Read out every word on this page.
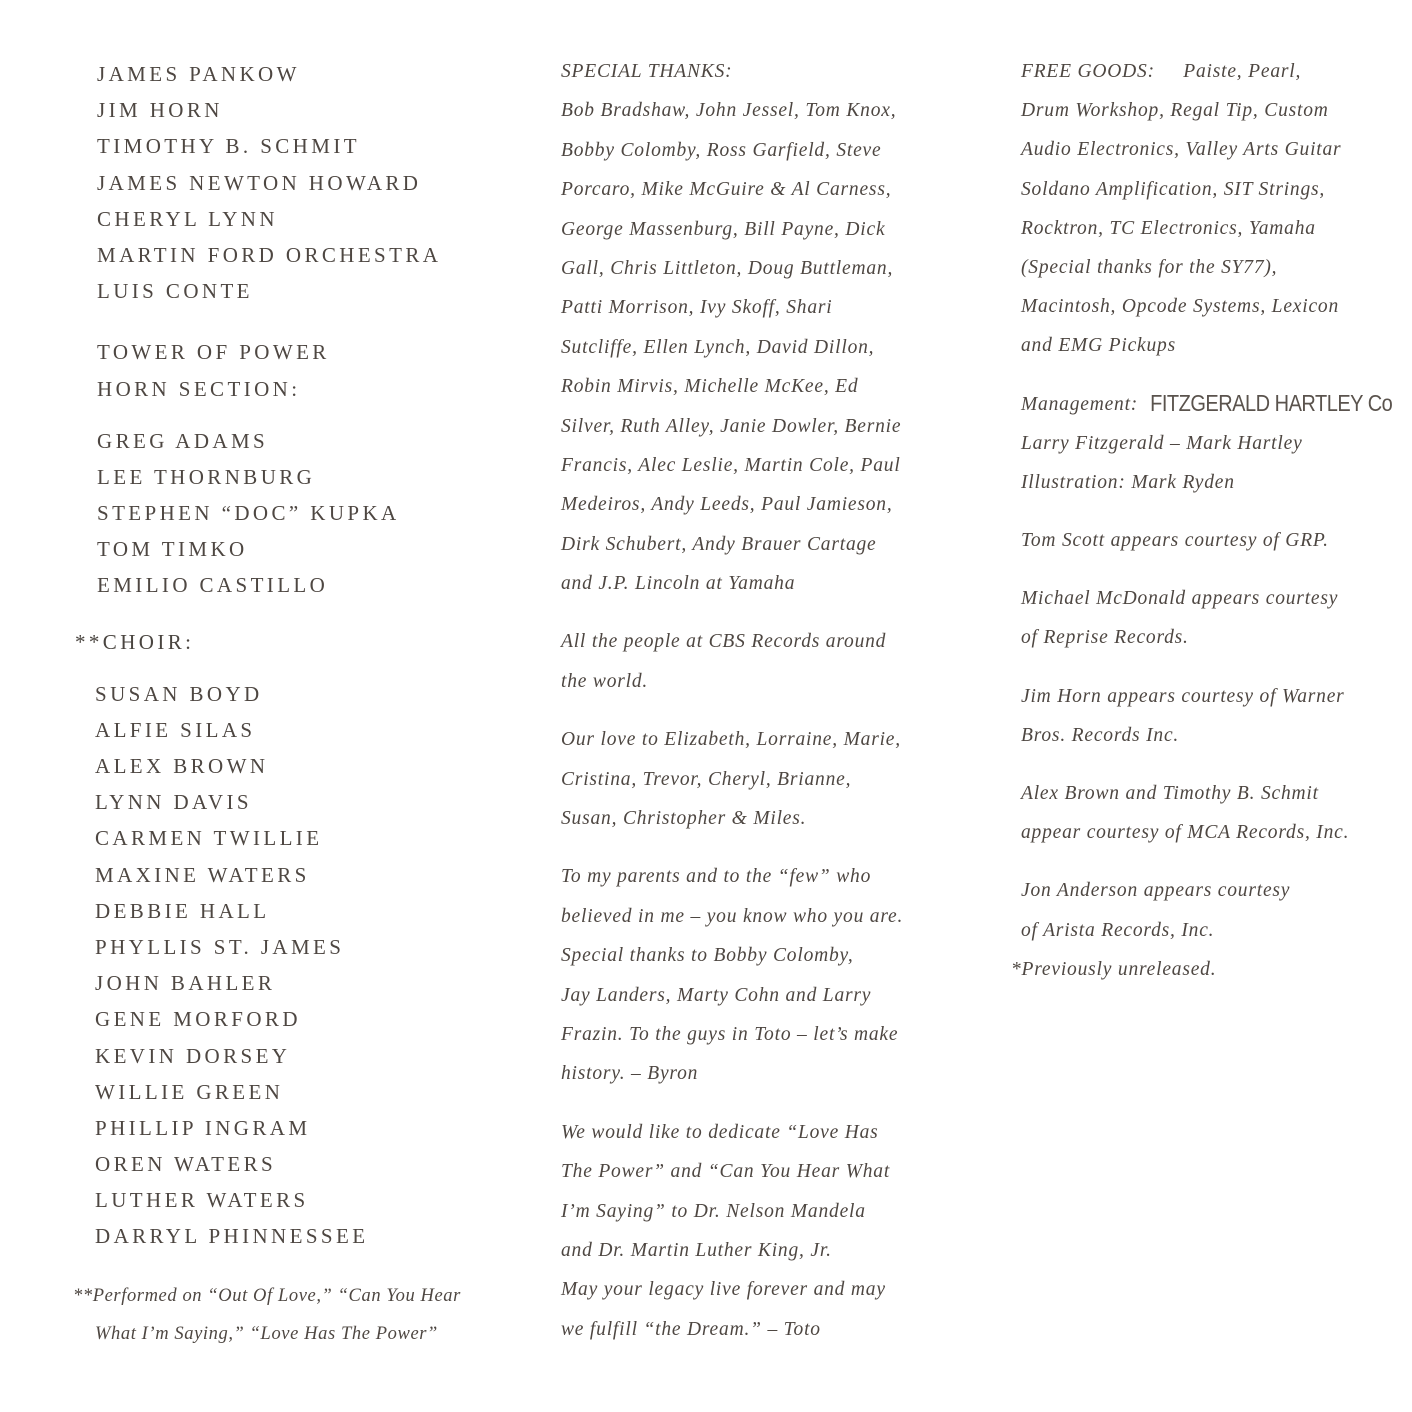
JAMES PANKOW
JIM HORN
TIMOTHY B. SCHMIT
JAMES NEWTON HOWARD
CHERYL LYNN
MARTIN FORD ORCHESTRA
LUIS CONTE
TOWER OF POWER
HORN SECTION:
GREG ADAMS
LEE THORNBURG
STEPHEN “DOC” KUPKA
TOM TIMKO
EMILIO CASTILLO
**CHOIR:
SUSAN BOYD
ALFIE SILAS
ALEX BROWN
LYNN DAVIS
CARMEN TWILLIE
MAXINE WATERS
DEBBIE HALL
PHYLLIS ST. JAMES
JOHN BAHLER
GENE MORFORD
KEVIN DORSEY
WILLIE GREEN
PHILLIP INGRAM
OREN WATERS
LUTHER WATERS
DARRYL PHINNESSEE
**Performed on “Out Of Love,” “Can You Hear
What I’m Saying,” “Love Has The Power”
SPECIAL THANKS:
Bob Bradshaw, John Jessel, Tom Knox,
Bobby Colomby, Ross Garfield, Steve
Porcaro, Mike McGuire & Al Carness,
George Massenburg, Bill Payne, Dick
Gall, Chris Littleton, Doug Buttleman,
Patti Morrison, Ivy Skoff, Shari
Sutcliffe, Ellen Lynch, David Dillon,
Robin Mirvis, Michelle McKee, Ed
Silver, Ruth Alley, Janie Dowler, Bernie
Francis, Alec Leslie, Martin Cole, Paul
Medeiros, Andy Leeds, Paul Jamieson,
Dirk Schubert, Andy Brauer Cartage
and J.P. Lincoln at Yamaha
All the people at CBS Records around
the world.
Our love to Elizabeth, Lorraine, Marie,
Cristina, Trevor, Cheryl, Brianne,
Susan, Christopher & Miles.
To my parents and to the “few” who
believed in me – you know who you are.
Special thanks to Bobby Colomby,
Jay Landers, Marty Cohn and Larry
Frazin. To the guys in Toto – let’s make
history. – Byron
We would like to dedicate “Love Has
The Power” and “Can You Hear What
I’m Saying” to Dr. Nelson Mandela
and Dr. Martin Luther King, Jr.
May your legacy live forever and may
we fulfill “the Dream.” – Toto
FREE GOODS:     Paiste, Pearl,
Drum Workshop, Regal Tip, Custom
Audio Electronics, Valley Arts Guitar
Soldano Amplification, SIT Strings,
Rocktron, TC Electronics, Yamaha
(Special thanks for the SY77),
Macintosh, Opcode Systems, Lexicon
and EMG Pickups
Management: FITZGERALD HARTLEY Co
Larry Fitzgerald – Mark Hartley
Illustration: Mark Ryden
Tom Scott appears courtesy of GRP.
Michael McDonald appears courtesy
of Reprise Records.
Jim Horn appears courtesy of Warner
Bros. Records Inc.
Alex Brown and Timothy B. Schmit
appear courtesy of MCA Records, Inc.
Jon Anderson appears courtesy
of Arista Records, Inc.
*Previously unreleased.
